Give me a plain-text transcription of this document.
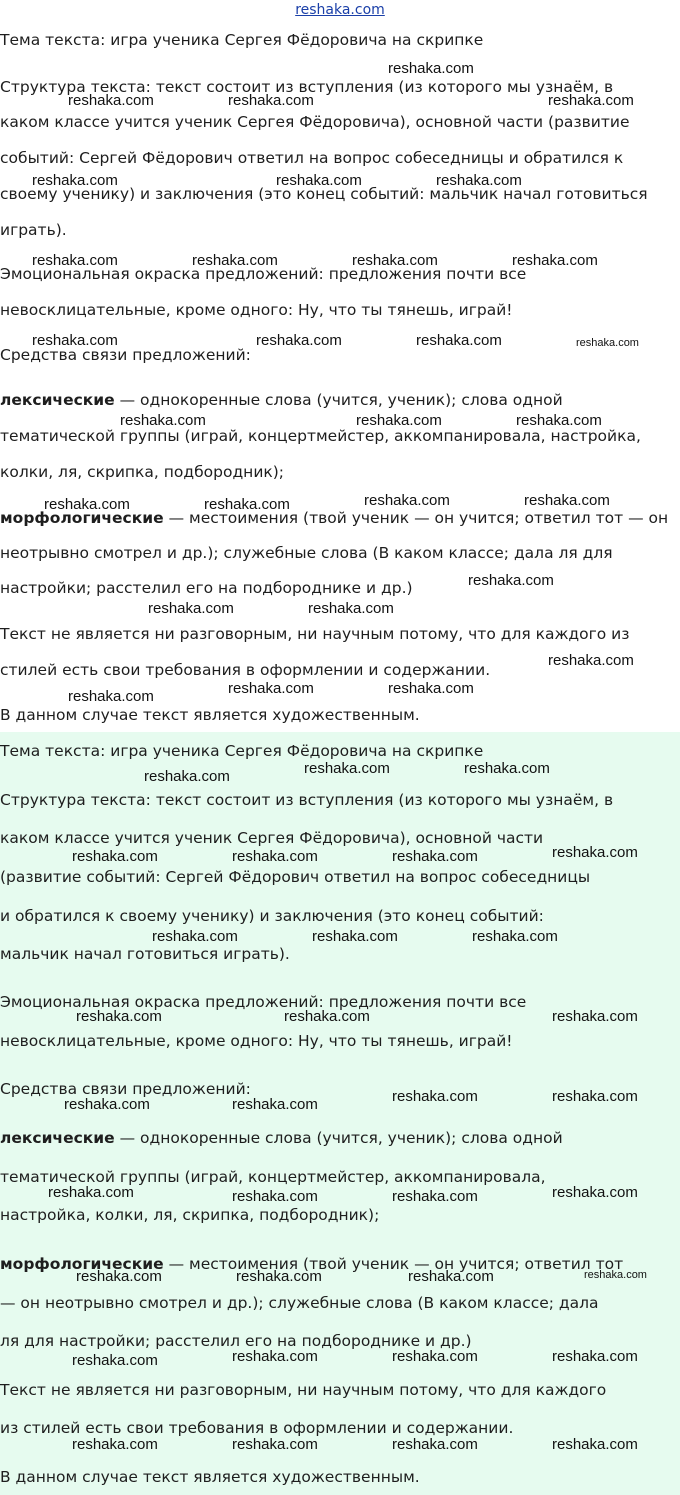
reshaka.com
Тема текста: игра ученика Сергея Фёдоровича на скрипке
Структура текста: текст состоит из вступления (из которого мы узнаём, в
каком классе учится ученик Сергея Фёдоровича), основной части (развитие
событий: Сергей Фёдорович ответил на вопрос собеседницы и обратился к
своему ученику) и заключения (это конец событий: мальчик начал готовиться
играть).
Эмоциональная окраска предложений: предложения почти все
невосклицательные, кроме одного: Ну, что ты тянешь, играй!
Средства связи предложений:
лексические — однокоренные слова (учится, ученик); слова одной
тематической группы (играй, концертмейстер, аккомпанировала, настройка,
колки, ля, скрипка, подбородник);
морфологические — местоимения (твой ученик — он учится; ответил тот — он
неотрывно смотрел и др.); служебные слова (В каком классе; дала ля для
настройки; расстелил его на подбороднике и др.)
Текст не является ни разговорным, ни научным потому, что для каждого из
стилей есть свои требования в оформлении и содержании.
В данном случае текст является художественным.
Тема текста: игра ученика Сергея Фёдоровича на скрипке
Структура текста: текст состоит из вступления (из которого мы узнаём, в
каком классе учится ученик Сергея Фёдоровича), основной части
(развитие событий: Сергей Фёдорович ответил на вопрос собеседницы
и обратился к своему ученику) и заключения (это конец событий:
мальчик начал готовиться играть).
Эмоциональная окраска предложений: предложения почти все
невосклицательные, кроме одного: Ну, что ты тянешь, играй!
Средства связи предложений:
лексические — однокоренные слова (учится, ученик); слова одной
тематической группы (играй, концертмейстер, аккомпанировала,
настройка, колки, ля, скрипка, подбородник);
морфологические — местоимения (твой ученик — он учится; ответил тот
— он неотрывно смотрел и др.); служебные слова (В каком классе; дала
ля для настройки; расстелил его на подбороднике и др.)
Текст не является ни разговорным, ни научным потому, что для каждого
из стилей есть свои требования в оформлении и содержании.
В данном случае текст является художественным.
reshaka.com
reshaka.com	reshaka.com	reshaka.com
reshaka.com	reshaka.com	reshaka.com
reshaka.com	reshaka.com	reshaka.com	reshaka.com
reshaka.com	reshaka.com	reshaka.com	reshaka.com
reshaka.com	reshaka.com	reshaka.com
reshaka.com	reshaka.com	reshaka.com	reshaka.com
reshaka.com
reshaka.com	reshaka.com
reshaka.com
reshaka.com	reshaka.com
reshaka.com
reshaka.com	reshaka.com
reshaka.com
reshaka.com
reshaka.com	reshaka.com	reshaka.com
reshaka.com	reshaka.com	reshaka.com
reshaka.com	reshaka.com	reshaka.com
reshaka.com	reshaka.com
reshaka.com	reshaka.com
reshaka.com	reshaka.com
reshaka.com	reshaka.com
reshaka.com	reshaka.com	reshaka.com	reshaka.com
reshaka.com	reshaka.com	reshaka.com
reshaka.com
reshaka.com	reshaka.com	reshaka.com	reshaka.com
